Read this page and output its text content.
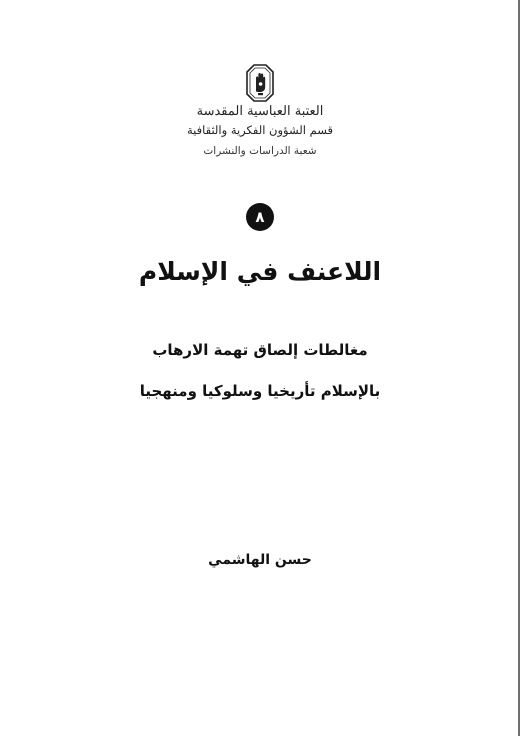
العتبة العباسية المقدسة
قسم الشؤون الفكرية والثقافية
شعبة الدراسات والنشرات
٨
اللاعنف في الإسلام
مغالطات إلصاق تهمة الارهاب
بالإسلام تأريخيا وسلوكيا ومنهجيا
حسن الهاشمي
